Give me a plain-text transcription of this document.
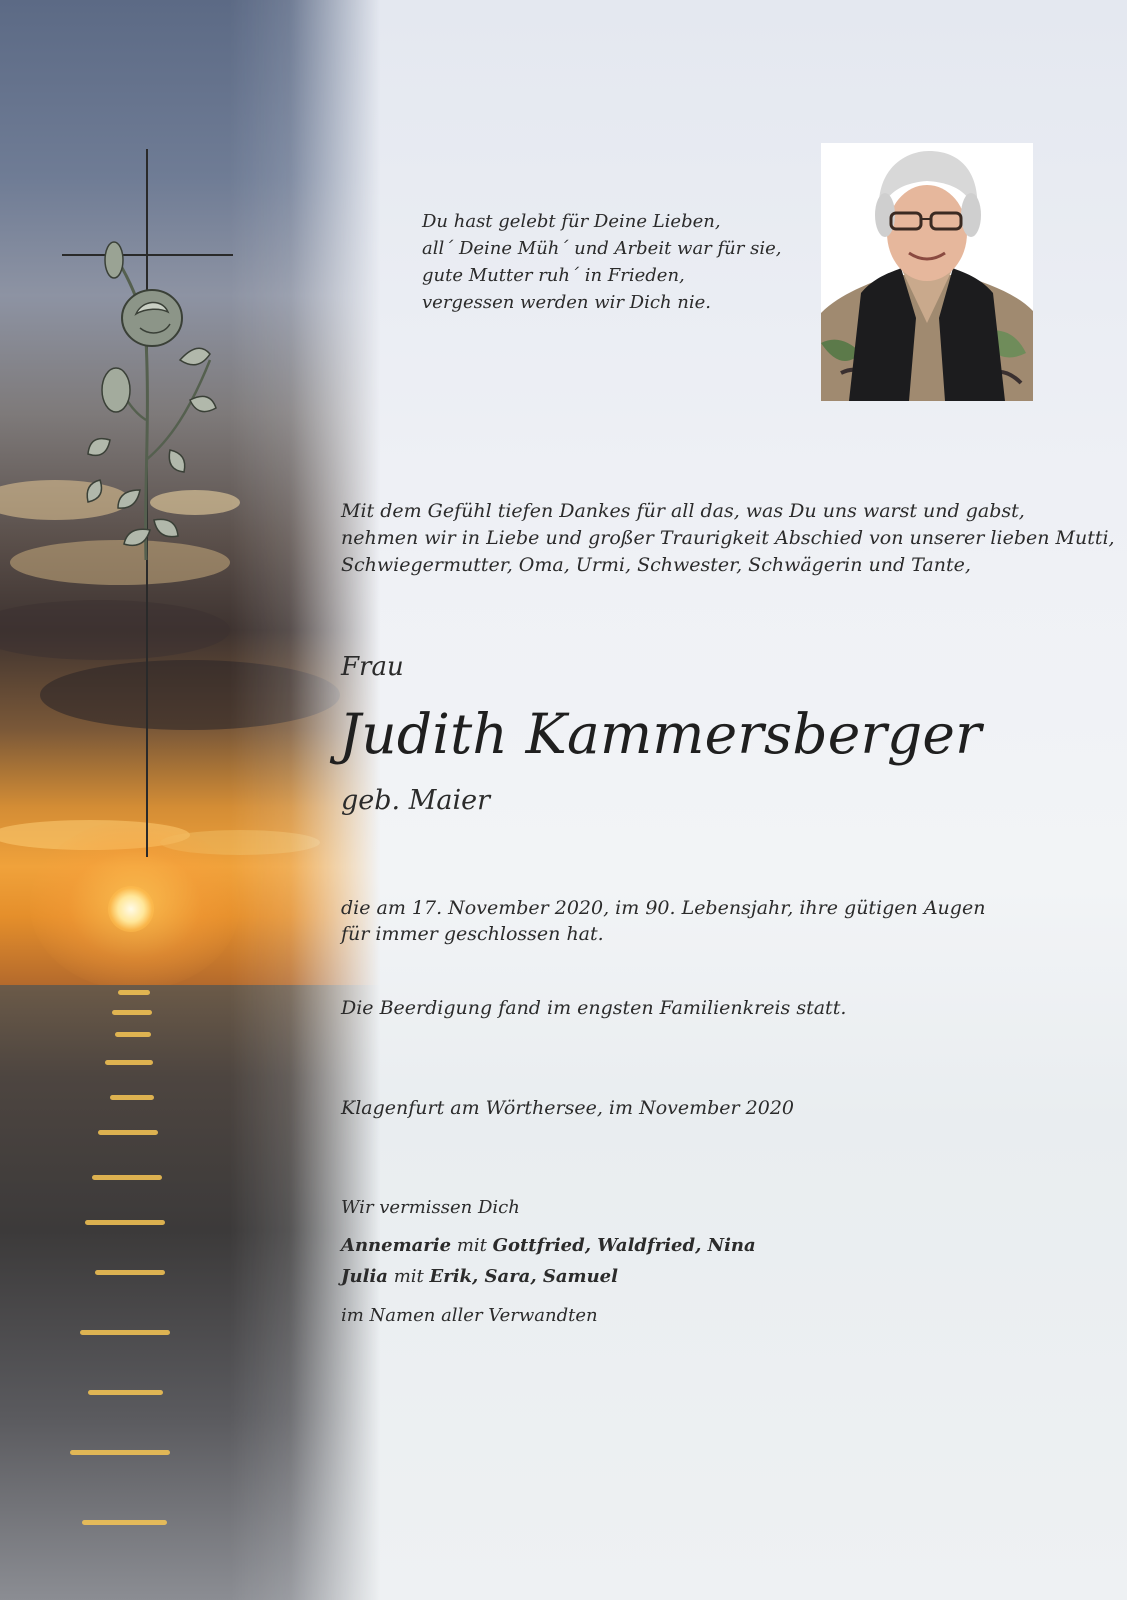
Du hast gelebt für Deine Lieben,
all´ Deine Müh´ und Arbeit war für sie,
gute Mutter ruh´ in Frieden,
vergessen werden wir Dich nie.
Mit dem Gefühl tiefen Dankes für all das, was Du uns warst und gabst,
nehmen wir in Liebe und großer Traurigkeit Abschied von unserer lieben Mutti,
Schwiegermutter, Oma, Urmi, Schwester, Schwägerin und Tante,

Frau

Judith Kammersberger

geb. Maier

die am 17. November 2020, im 90. Lebensjahr, ihre gütigen Augen
für immer geschlossen hat.

Die Beerdigung fand im engsten Familienkreis statt.

Klagenfurt am Wörthersee, im November 2020

Wir vermissen Dich

Annemarie mit Gottfried, Waldfried, Nina

Julia mit Erik, Sara, Samuel

im Namen aller Verwandten
